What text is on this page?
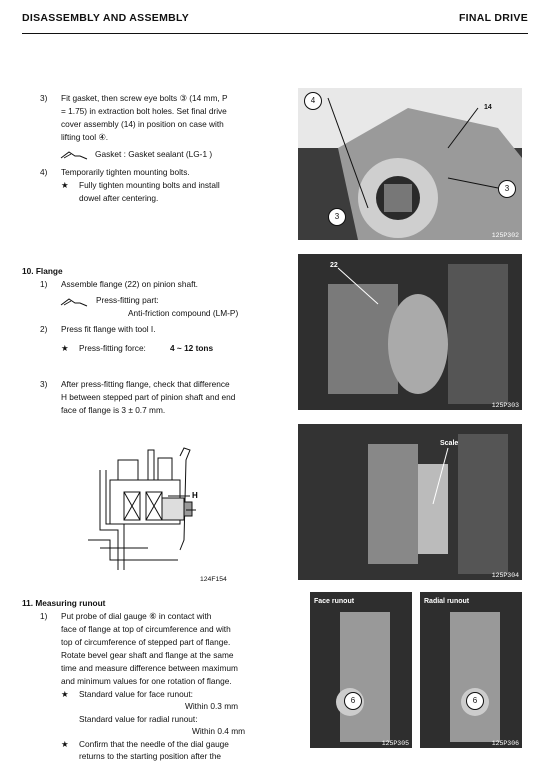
DISASSEMBLY AND ASSEMBLY	FINAL DRIVE
3) Fit gasket, then screw eye bolts ③ (14 mm, P
= 1.75) in extraction bolt holes. Set final drive
cover assembly (14) in position on case with
lifting tool ④.
Gasket : Gasket sealant (LG-1 )
4) Temporarily tighten mounting bolts.
★ Fully tighten mounting bolts and install
dowel after centering.
10. Flange
1) Assemble flange (22) on pinion shaft.
Press-fitting part:
Anti-friction compound (LM-P)
2) Press fit flange with tool I.
★ Press-fitting force:	4 ~ 12 tons
3) After press-fitting flange, check that difference
H between stepped part of pinion shaft and end
face of flange is 3 ± 0.7 mm.
H
124F154
11. Measuring runout
1) Put probe of dial gauge ⑥ in contact with
face of flange at top of circumference and with
top of circumference of stepped part of flange.
Rotate bevel gear shaft and flange at the same
time and measure difference between maximum
and minimum values for one rotation of flange.
★ Standard value for face runout:
Within 0.3 mm
Standard value for radial runout:
Within 0.4 mm
★ Confirm that the needle of the dial gauge
returns to the starting position after the
4
14
3
3
125P302
22
125P303
Scale
125P304
Face runout
6
125P305
Radial runout
6
125P306
